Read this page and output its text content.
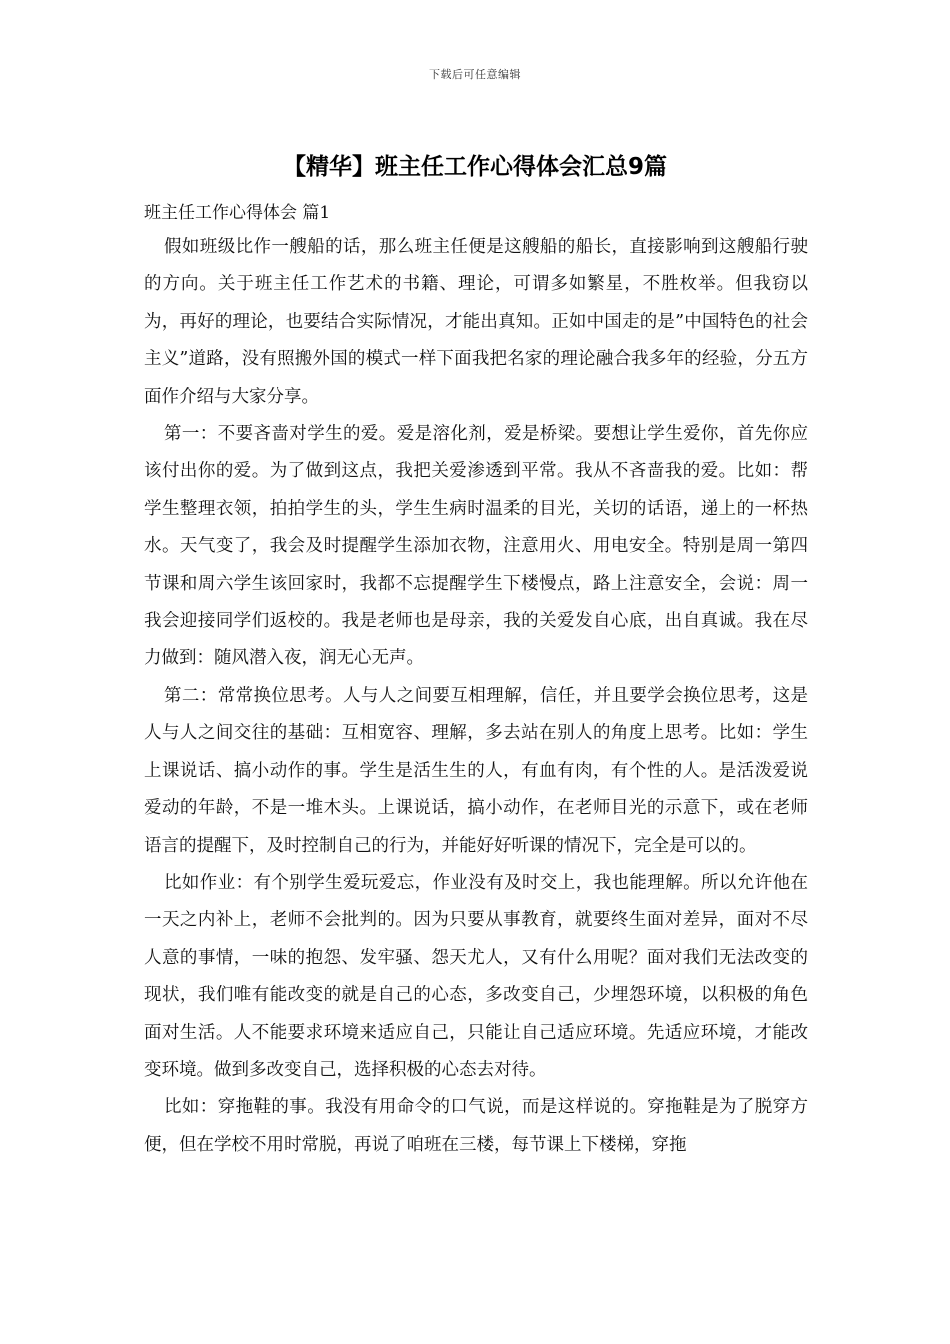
下载后可任意编辑
【精华】班主任工作心得体会汇总9篇
班主任工作心得体会 篇1

假如班级比作一艘船的话，那么班主任便是这艘船的船长，直接影响到这艘船行驶的方向。关于班主任工作艺术的书籍、理论，可谓多如繁星，不胜枚举。但我窃以为，再好的理论，也要结合实际情况，才能出真知。正如中国走的是”中国特色的社会主义”道路，没有照搬外国的模式一样下面我把名家的理论融合我多年的经验，分五方面作介绍与大家分享。

第一：不要吝啬对学生的爱。爱是溶化剂，爱是桥梁。要想让学生爱你，首先你应该付出你的爱。为了做到这点，我把关爱渗透到平常。我从不吝啬我的爱。比如：帮学生整理衣领，拍拍学生的头，学生生病时温柔的目光，关切的话语，递上的一杯热水。天气变了，我会及时提醒学生添加衣物，注意用火、用电安全。特别是周一第四节课和周六学生该回家时，我都不忘提醒学生下楼慢点，路上注意安全，会说：周一我会迎接同学们返校的。我是老师也是母亲，我的关爱发自心底，出自真诚。我在尽力做到：随风潜入夜，润无心无声。

第二：常常换位思考。人与人之间要互相理解，信任，并且要学会换位思考，这是人与人之间交往的基础：互相宽容、理解，多去站在别人的角度上思考。比如：学生上课说话、搞小动作的事。学生是活生生的人，有血有肉，有个性的人。是活泼爱说爱动的年龄，不是一堆木头。上课说话，搞小动作，在老师目光的示意下，或在老师语言的提醒下，及时控制自己的行为，并能好好听课的情况下，完全是可以的。

比如作业：有个别学生爱玩爱忘，作业没有及时交上，我也能理解。所以允许他在一天之内补上，老师不会批判的。因为只要从事教育，就要终生面对差异，面对不尽人意的事情，一味的抱怨、发牢骚、怨天尤人，又有什么用呢？面对我们无法改变的现状，我们唯有能改变的就是自己的心态，多改变自己，少埋怨环境，以积极的角色面对生活。人不能要求环境来适应自己，只能让自己适应环境。先适应环境，才能改变环境。做到多改变自己，选择积极的心态去对待。

比如：穿拖鞋的事。我没有用命令的口气说，而是这样说的。穿拖鞋是为了脱穿方便，但在学校不用时常脱，再说了咱班在三楼，每节课上下楼梯，穿拖
